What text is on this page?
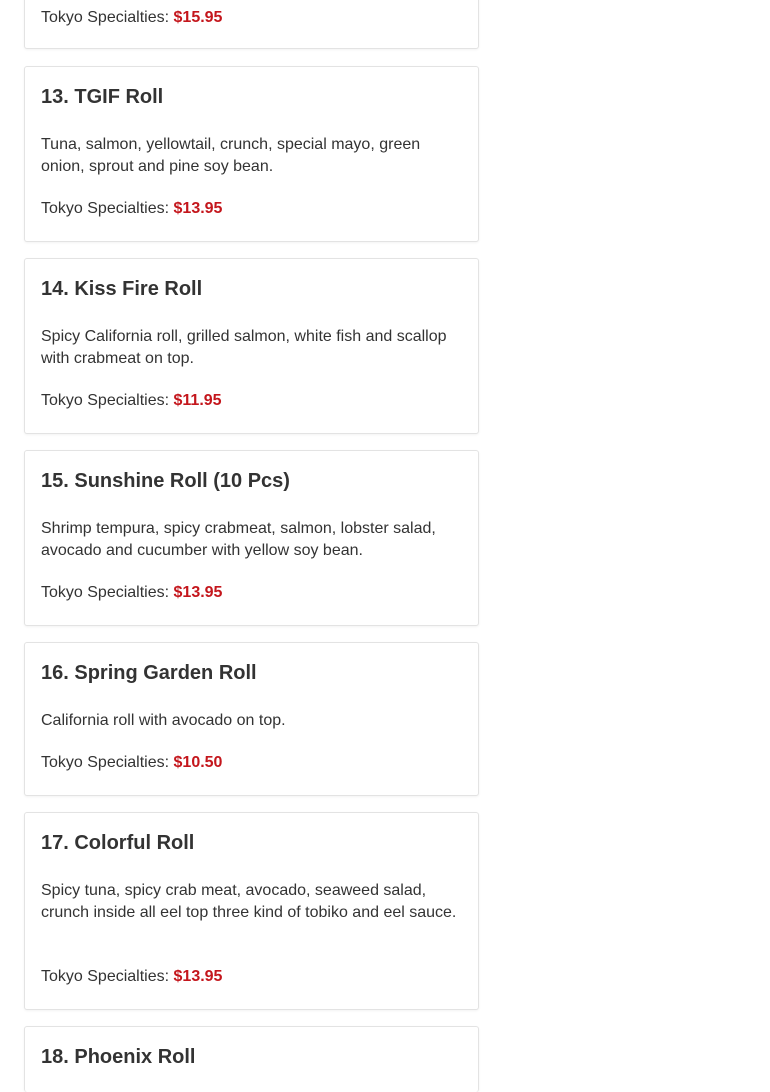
Tokyo Specialties: $15.95
13. TGIF Roll

Tuna, salmon, yellowtail, crunch, special mayo, green onion, sprout and pine soy bean.

Tokyo Specialties: $13.95
14. Kiss Fire Roll

Spicy California roll, grilled salmon, white fish and scallop with crabmeat on top.

Tokyo Specialties: $11.95
15. Sunshine Roll (10 Pcs)

Shrimp tempura, spicy crabmeat, salmon, lobster salad, avocado and cucumber with yellow soy bean.

Tokyo Specialties: $13.95
16. Spring Garden Roll

California roll with avocado on top.

Tokyo Specialties: $10.50
17. Colorful Roll

Spicy tuna, spicy crab meat, avocado, seaweed salad, crunch inside all eel top three kind of tobiko and eel sauce.

Tokyo Specialties: $13.95
18. Phoenix Roll
